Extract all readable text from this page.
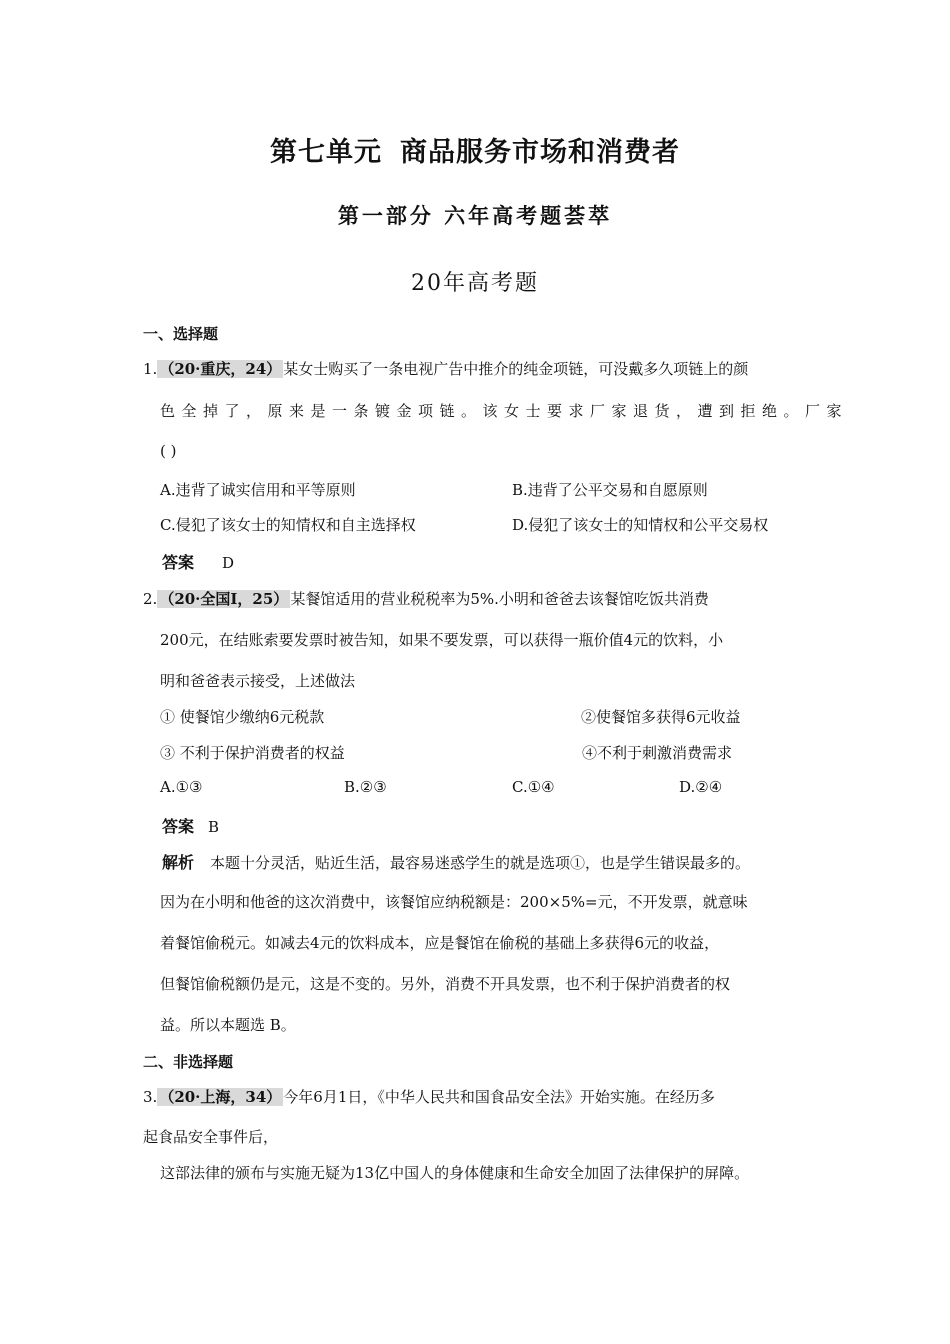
第七单元 商品服务市场和消费者
第一部分 六年高考题荟萃
20年高考题
一、选择题
1. （20·重庆，24） 某女士购买了一条电视广告中推介的纯金项链，可没戴多久项链上的颜
色全掉了，原来是一条镀金项链。该女士要求厂家退货，遭到拒绝。厂家
( )
A.违背了诚实信用和平等原则	B.违背了公平交易和自愿原则
C.侵犯了该女士的知情权和自主选择权	D.侵犯了该女士的知情权和公平交易权
答案 D
2. （20·全国Ⅰ，25） 某餐馆适用的营业税税率为5%.小明和爸爸去该餐馆吃饭共消费
200元，在结账索要发票时被告知，如果不要发票，可以获得一瓶价值4元的饮料，小
明和爸爸表示接受，上述做法
① 使餐馆少缴纳6元税款	②使餐馆多获得6元收益
③ 不利于保护消费者的权益	④不利于刺激消费需求
A.①③	B.②③	C.①④	D.②④
答案 B
解析 本题十分灵活，贴近生活，最容易迷惑学生的就是选项①，也是学生错误最多的。
因为在小明和他爸的这次消费中，该餐馆应纳税额是：200×5%=元，不开发票，就意味
着餐馆偷税元。如减去4元的饮料成本，应是餐馆在偷税的基础上多获得6元的收益，
但餐馆偷税额仍是元，这是不变的。另外，消费不开具发票，也不利于保护消费者的权
益。所以本题选 B。
二、非选择题
3. （20·上海，34） 今年6月1日，《中华人民共和国食品安全法》开始实施。在经历多
起食品安全事件后，
这部法律的颁布与实施无疑为13亿中国人的身体健康和生命安全加固了法律保护的屏障。
